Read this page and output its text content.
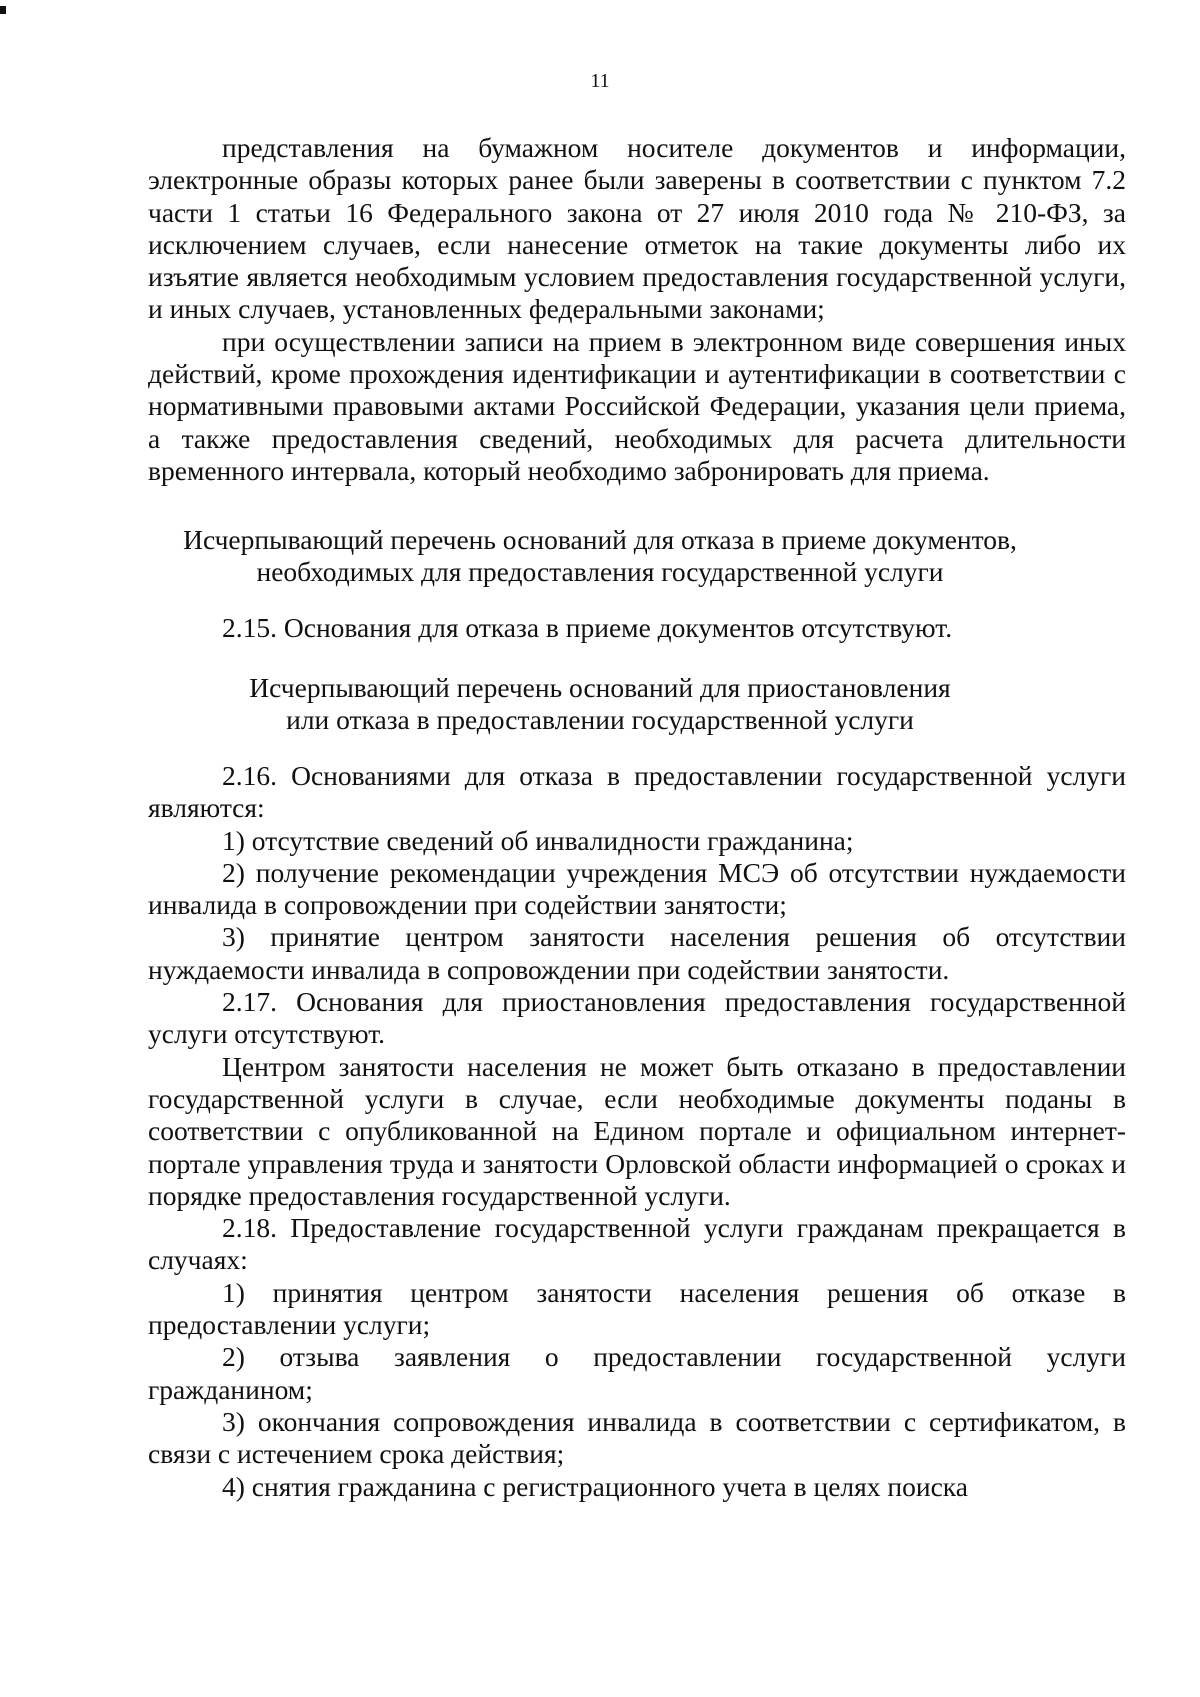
11

представления на бумажном носителе документов и информации, электронные образы которых ранее были заверены в соответствии с пунктом 7.2 части 1 статьи 16 Федерального закона от 27 июля 2010 года № 210-ФЗ, за исключением случаев, если нанесение отметок на такие документы либо их изъятие является необходимым условием предоставления государственной услуги, и иных случаев, установленных федеральными законами;

при осуществлении записи на прием в электронном виде совершения иных действий, кроме прохождения идентификации и аутентификации в соответствии с нормативными правовыми актами Российской Федерации, указания цели приема, а также предоставления сведений, необходимых для расчета длительности временного интервала, который необходимо забронировать для приема.

Исчерпывающий перечень оснований для отказа в приеме документов,
необходимых для предоставления государственной услуги

2.15. Основания для отказа в приеме документов отсутствуют.

Исчерпывающий перечень оснований для приостановления
или отказа в предоставлении государственной услуги

2.16. Основаниями для отказа в предоставлении государственной услуги являются:

1) отсутствие сведений об инвалидности гражданина;

2) получение рекомендации учреждения МСЭ об отсутствии нуждаемости инвалида в сопровождении при содействии занятости;

3) принятие центром занятости населения решения об отсутствии нуждаемости инвалида в сопровождении при содействии занятости.

2.17. Основания для приостановления предоставления государственной услуги отсутствуют.

Центром занятости населения не может быть отказано в предоставлении государственной услуги в случае, если необходимые документы поданы в соответствии с опубликованной на Едином портале и официальном интернет-портале управления труда и занятости Орловской области информацией о сроках и порядке предоставления государственной услуги.

2.18. Предоставление государственной услуги гражданам прекращается в случаях:

1) принятия центром занятости населения решения об отказе в предоставлении услуги;

2) отзыва заявления о предоставлении государственной услуги гражданином;

3) окончания сопровождения инвалида в соответствии с сертификатом, в связи с истечением срока действия;

4) снятия гражданина с регистрационного учета в целях поиска
